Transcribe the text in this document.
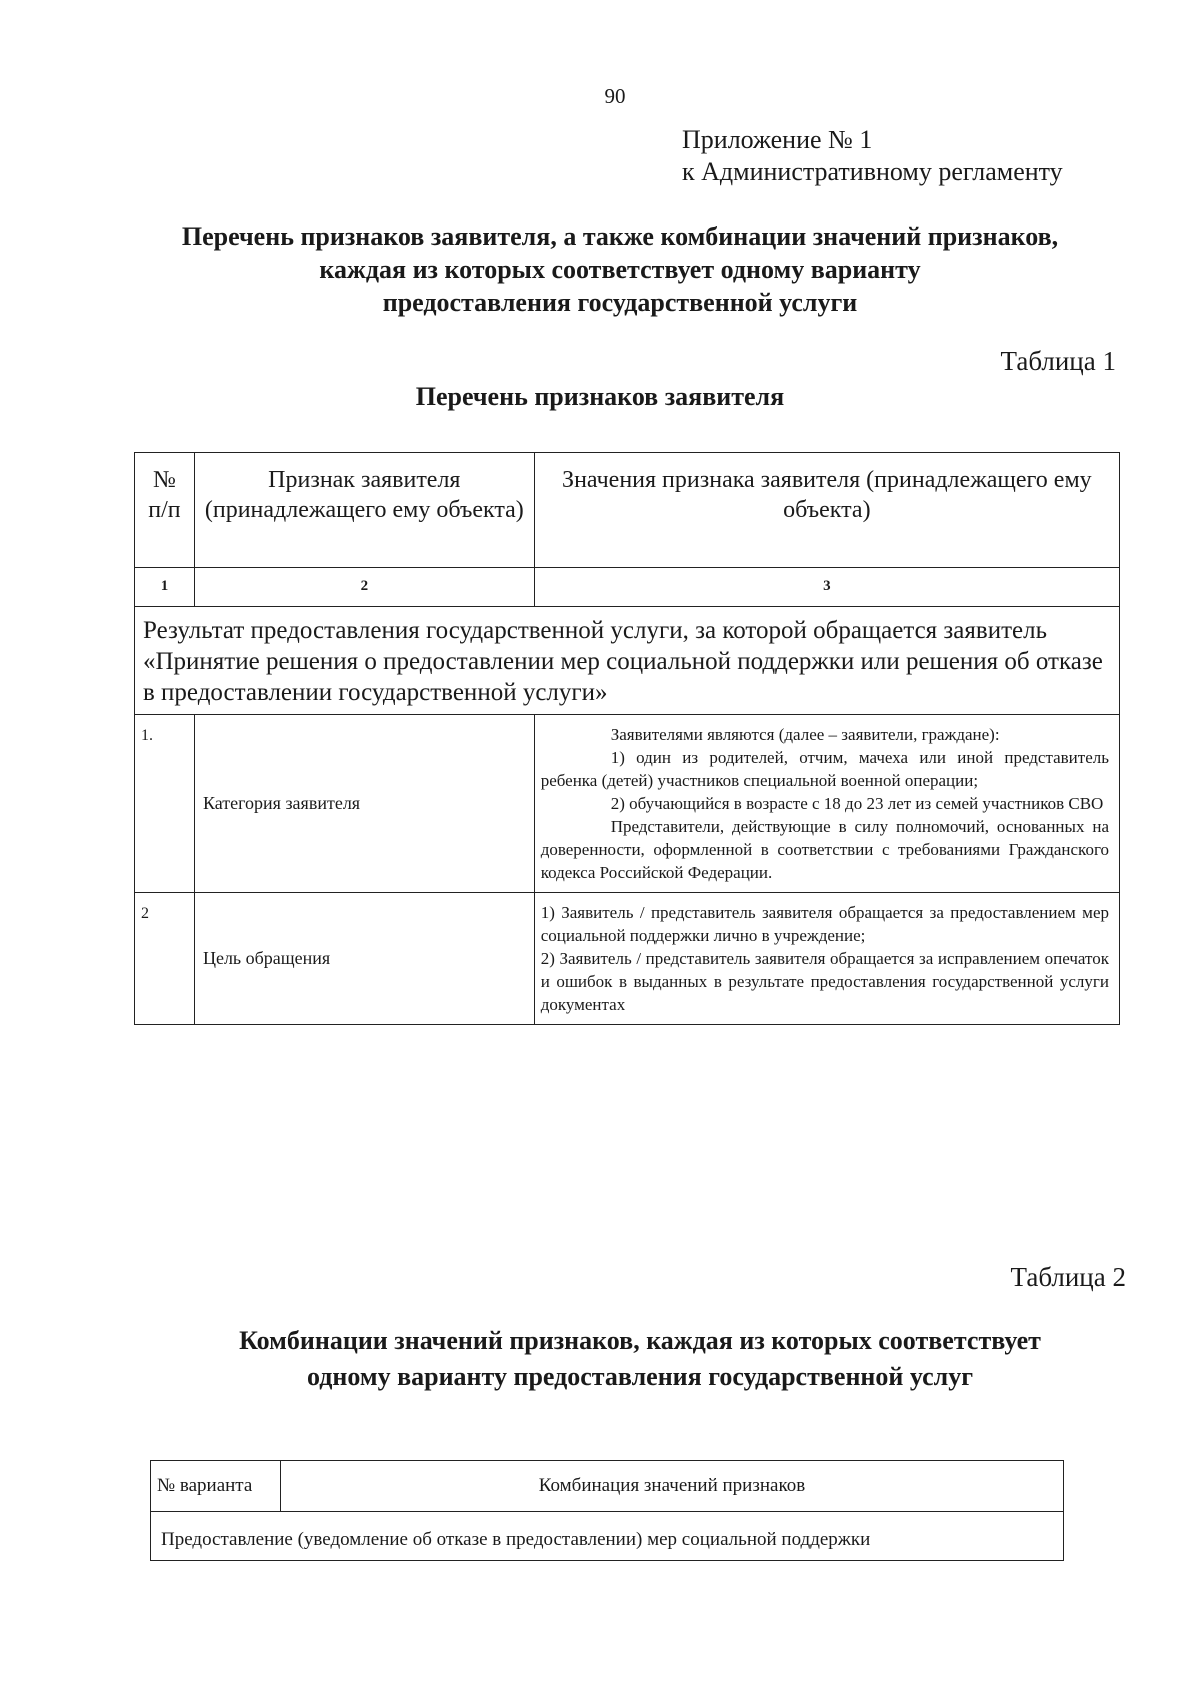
90
Приложение № 1
к Административному регламенту
Перечень признаков заявителя, а также комбинации значений признаков,
каждая из которых соответствует одному варианту
предоставления государственной услуги
Таблица 1
Перечень признаков заявителя
№ п/п	Признак заявителя (принадлежащего ему объекта)	Значения признака заявителя (принадлежащего ему объекта)
1	2	3
Результат предоставления государственной услуги, за которой обращается заявитель «Принятие решения о предоставлении мер социальной поддержки или решения об отказе в предоставлении государственной услуги»		
1.	Категория заявителя	Заявителями являются (далее – заявители, граждане):

1) один из родителей, отчим, мачеха или иной представитель ребенка (детей) участников специальной военной операции;

2) обучающийся в возрасте с 18 до 23 лет из семей участников СВО

Представители, действующие в силу полномочий, основанных на доверенности, оформленной в соответствии с требованиями Гражданского кодекса Российской Федерации.

2	Цель обращения	1) Заявитель / представитель заявителя обращается за предоставлением мер социальной поддержки лично в учреждение;

2) Заявитель / представитель заявителя обращается за исправлением опечаток и ошибок в выданных в результате предоставления государственной услуги документах

Таблица 2
Комбинации значений признаков, каждая из которых соответствует одному варианту предоставления государственной услуг
№ варианта	Комбинация значений признаков
Предоставление (уведомление об отказе в предоставлении) мер социальной поддержки
